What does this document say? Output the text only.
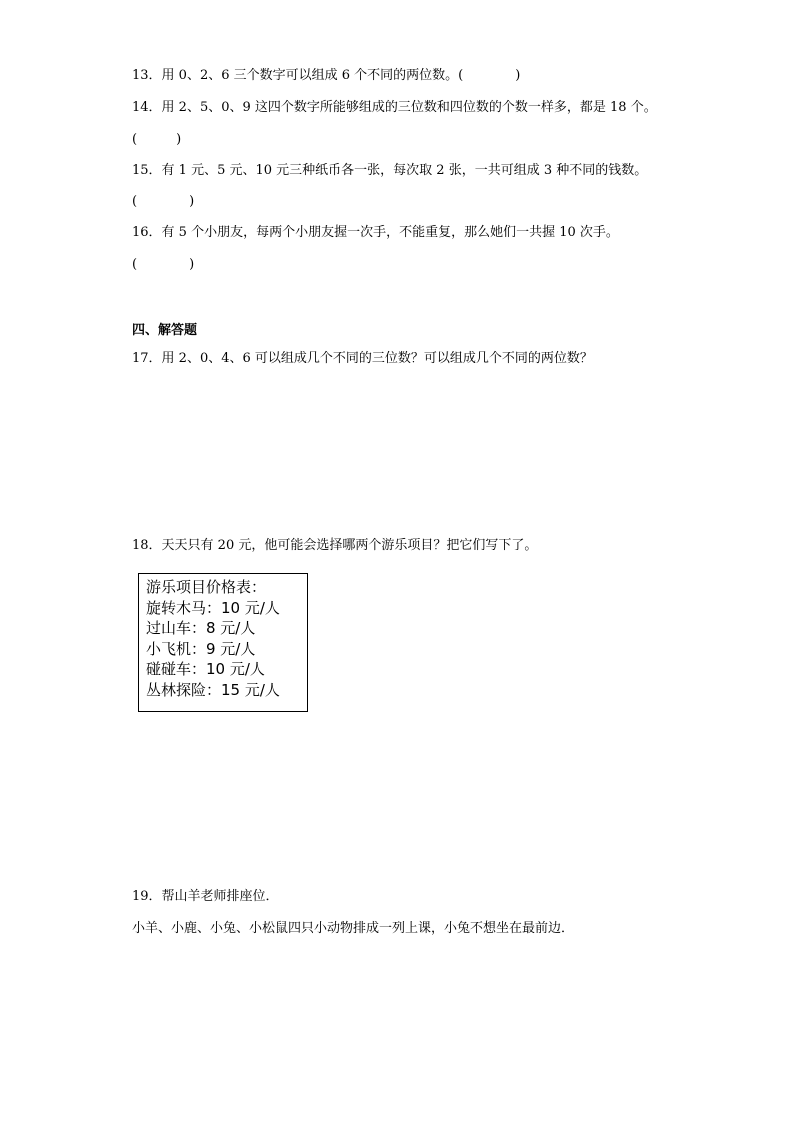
13．用 0、2、6 三个数字可以组成 6 个不同的两位数。(　　　　)
14．用 2、5、0、9 这四个数字所能够组成的三位数和四位数的个数一样多，都是 18 个。
(　　　)
15．有 1 元、5 元、10 元三种纸币各一张，每次取 2 张，一共可组成 3 种不同的钱数。
(　　　　)
16．有 5 个小朋友，每两个小朋友握一次手，不能重复，那么她们一共握 10 次手。
(　　　　)
四、解答题
17．用 2、0、4、6 可以组成几个不同的三位数？可以组成几个不同的两位数？
18．天天只有 20 元，他可能会选择哪两个游乐项目？把它们写下了。
游乐项目价格表：
旋转木马：10 元/人
过山车：8 元/人
小飞机：9 元/人
碰碰车：10 元/人
丛林探险：15 元/人
19．帮山羊老师排座位．
小羊、小鹿、小兔、小松鼠四只小动物排成一列上课，小兔不想坐在最前边．
